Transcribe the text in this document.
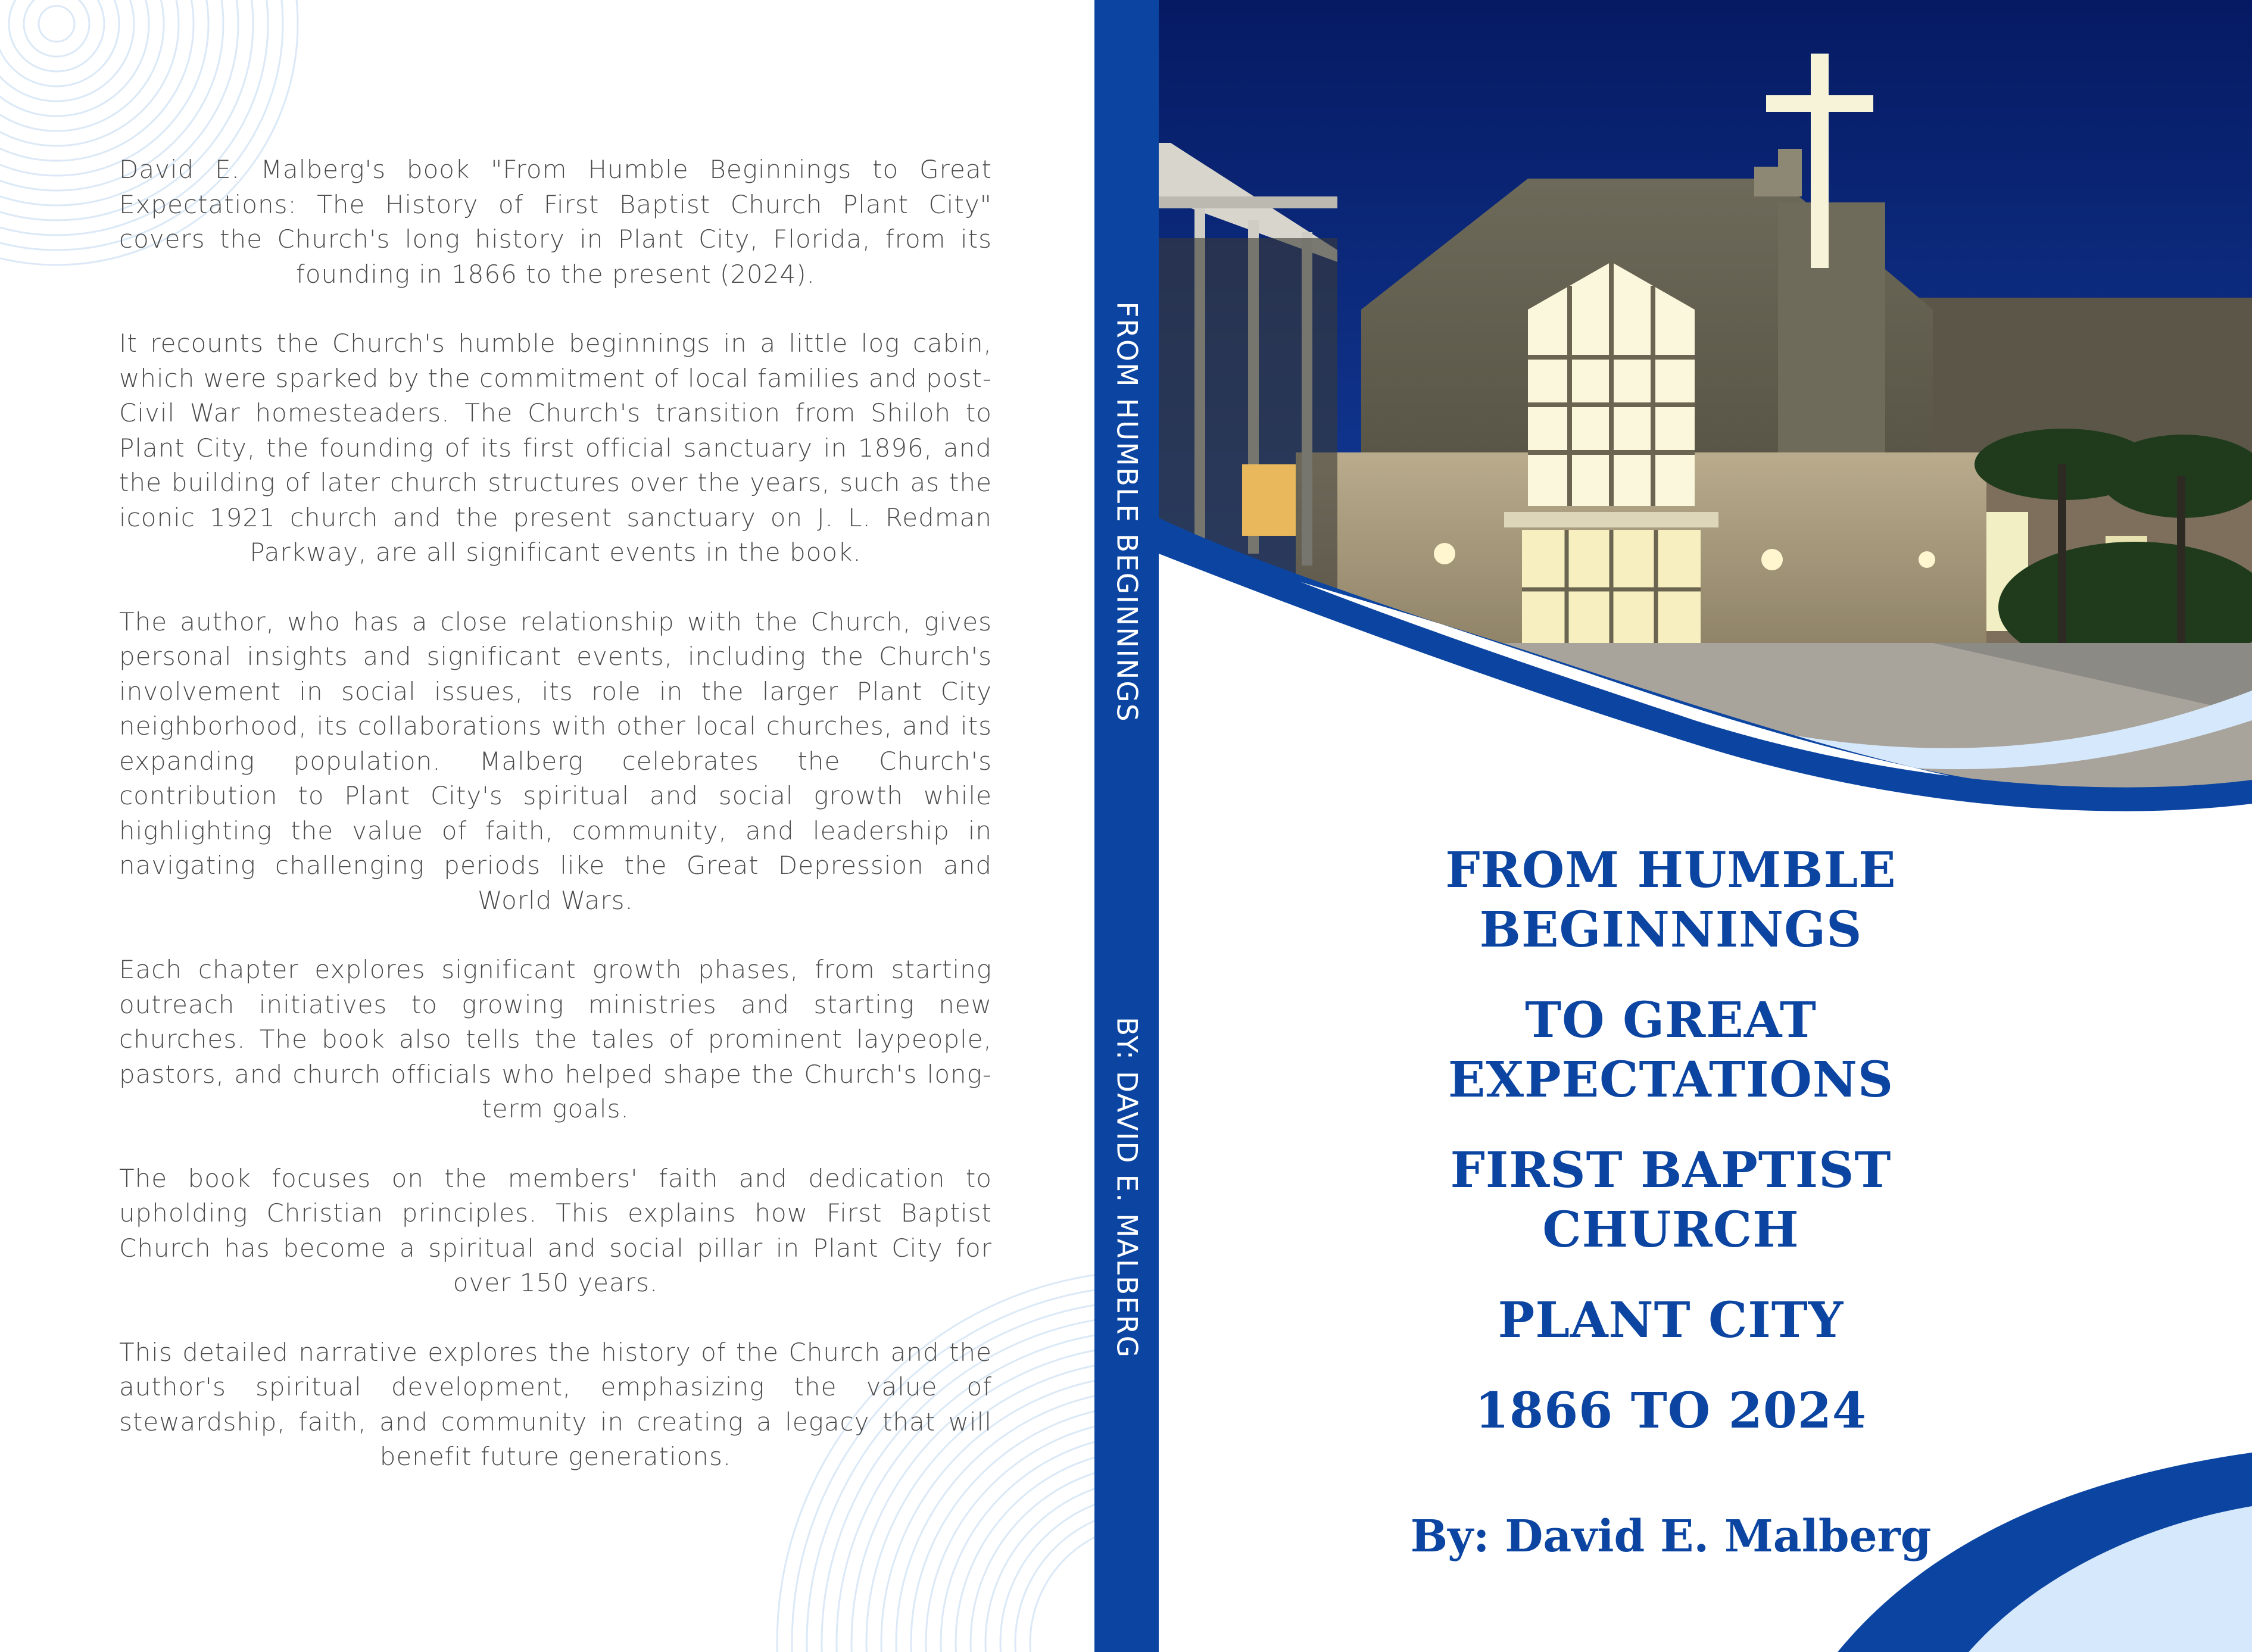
David E. Malberg's book "From Humble Beginnings to Great Expectations: The History of First Baptist Church Plant City" covers the Church's long history in Plant City, Florida, from its founding in 1866 to the present (2024).

It recounts the Church's humble beginnings in a little log cabin, which were sparked by the commitment of local families and post-Civil War homesteaders. The Church's transition from Shiloh to Plant City, the founding of its first official sanctuary in 1896, and the building of later church structures over the years, such as the iconic 1921 church and the present sanctuary on J. L. Redman Parkway, are all significant events in the book.

The author, who has a close relationship with the Church, gives personal insights and significant events, including the Church's involvement in social issues, its role in the larger Plant City neighborhood, its collaborations with other local churches, and its expanding population. Malberg celebrates the Church's contribution to Plant City's spiritual and social growth while highlighting the value of faith, community, and leadership in navigating challenging periods like the Great Depression and World Wars.

Each chapter explores significant growth phases, from starting outreach initiatives to growing ministries and starting new churches. The book also tells the tales of prominent laypeople, pastors, and church officials who helped shape the Church's long-term goals.

The book focuses on the members' faith and dedication to upholding Christian principles. This explains how First Baptist Church has become a spiritual and social pillar in Plant City for over 150 years.

This detailed narrative explores the history of the Church and the author's spiritual development, emphasizing the value of stewardship, faith, and community in creating a legacy that will benefit future generations.

FROM HUMBLE BEGINNINGS
BY: DAVID E. MALBERG
FROM HUMBLE
BEGINNINGS
TO GREAT
EXPECTATIONS
FIRST BAPTIST
CHURCH
PLANT CITY
1866 TO 2024
By: David E. Malberg
